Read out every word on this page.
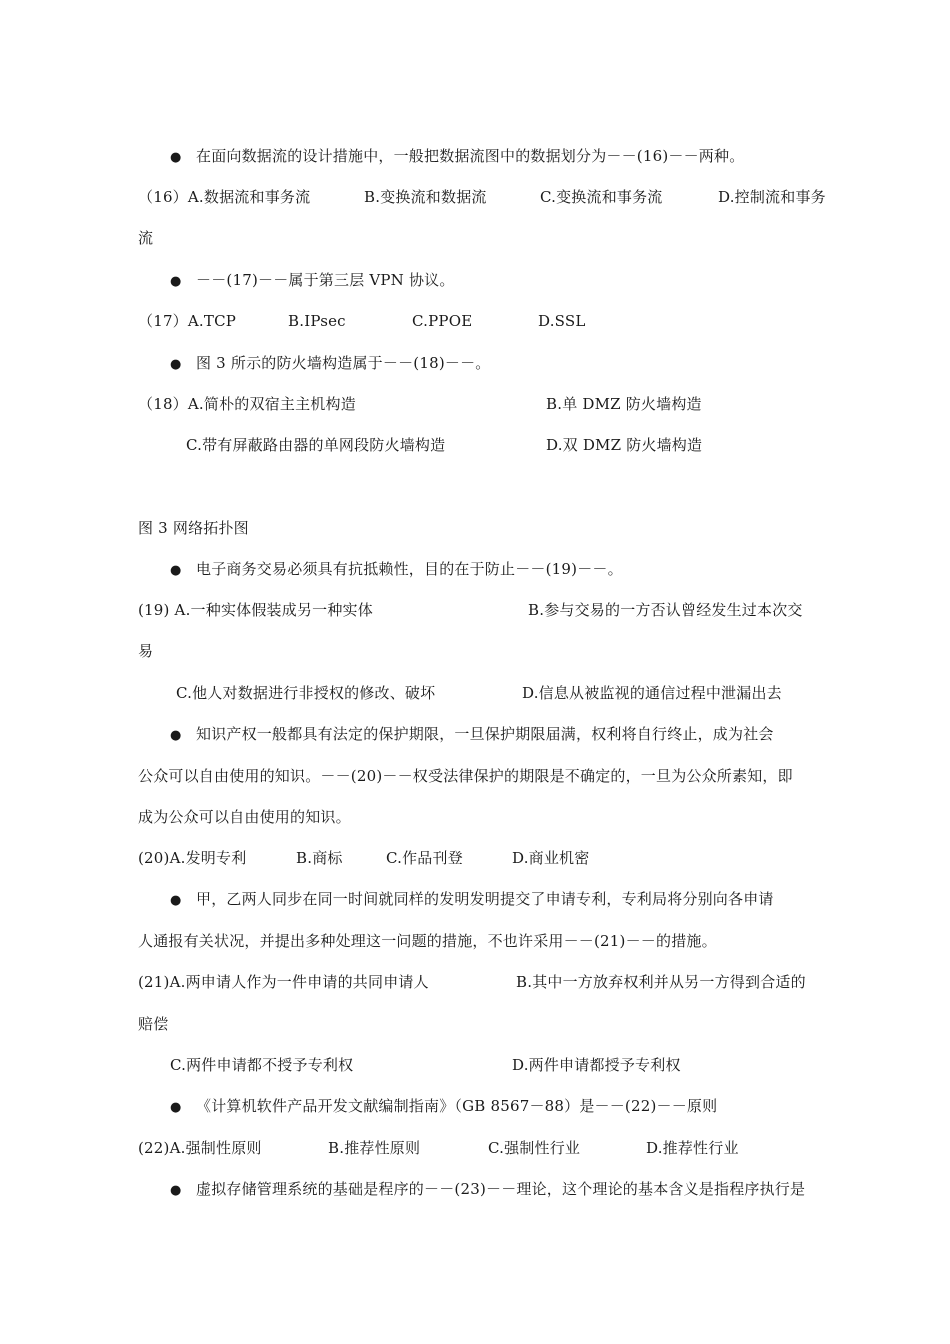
● 在面向数据流的设计措施中，一般把数据流图中的数据划分为－－(16)－－两种。
（16）A.数据流和事务流	B.变换流和数据流	C.变换流和事务流	D.控制流和事务
流
● －－(17)－－属于第三层 VPN 协议。
（17）A.TCP	B.IPsec	C.PPOE	D.SSL
● 图 3 所示的防火墙构造属于－－(18)－－。
（18）A.简朴的双宿主主机构造	B.单 DMZ 防火墙构造
C.带有屏蔽路由器的单网段防火墙构造	D.双 DMZ 防火墙构造
图 3 网络拓扑图
● 电子商务交易必须具有抗抵赖性，目的在于防止－－(19)－－。
(19) A.一种实体假装成另一种实体	B.参与交易的一方否认曾经发生过本次交
易
C.他人对数据进行非授权的修改、破坏	D.信息从被监视的通信过程中泄漏出去
● 知识产权一般都具有法定的保护期限，一旦保护期限届满，权利将自行终止，成为社会
公众可以自由使用的知识。－－(20)－－权受法律保护的期限是不确定的，一旦为公众所素知，即
成为公众可以自由使用的知识。
(20)A.发明专利	B.商标	C.作品刊登	D.商业机密
● 甲，乙两人同步在同一时间就同样的发明发明提交了申请专利，专利局将分别向各申请
人通报有关状况，并提出多种处理这一问题的措施，不也许采用－－(21)－－的措施。
(21)A.两申请人作为一件申请的共同申请人	B.其中一方放弃权利并从另一方得到合适的
赔偿
C.两件申请都不授予专利权	D.两件申请都授予专利权
● 《计算机软件产品开发文献编制指南》（GB 8567－88）是－－(22)－－原则
(22)A.强制性原则	B.推荐性原则	C.强制性行业	D.推荐性行业
● 虚拟存储管理系统的基础是程序的－－(23)－－理论，这个理论的基本含义是指程序执行是
